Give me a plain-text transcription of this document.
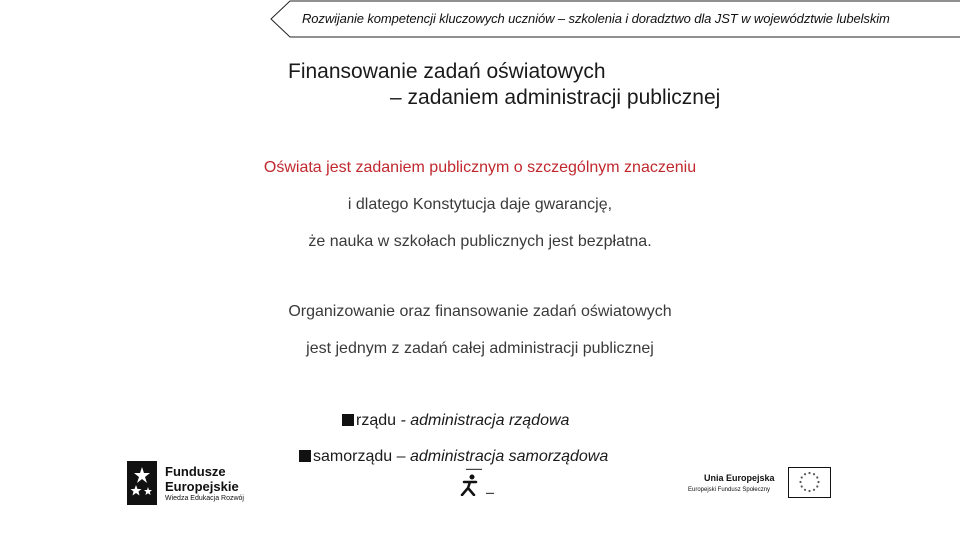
Rozwijanie kompetencji kluczowych uczniów – szkolenia i doradztwo dla JST w województwie lubelskim
Finansowanie zadań oświatowych
– zadaniem administracji publicznej
Oświata jest zadaniem publicznym o szczególnym znaczeniu
i dlatego Konstytucja daje gwarancję,
że nauka w szkołach publicznych jest bezpłatna.
Organizowanie oraz finansowanie zadań oświatowych
jest jednym z zadań całej administracji publicznej
rządu - administracja rządowa
samorządu – administracja samorządowa
Fundusze
Europejskie
Wiedza Edukacja Rozwój
▬▬▬▬
▬▬
Unia Europejska
Europejski Fundusz Społeczny
